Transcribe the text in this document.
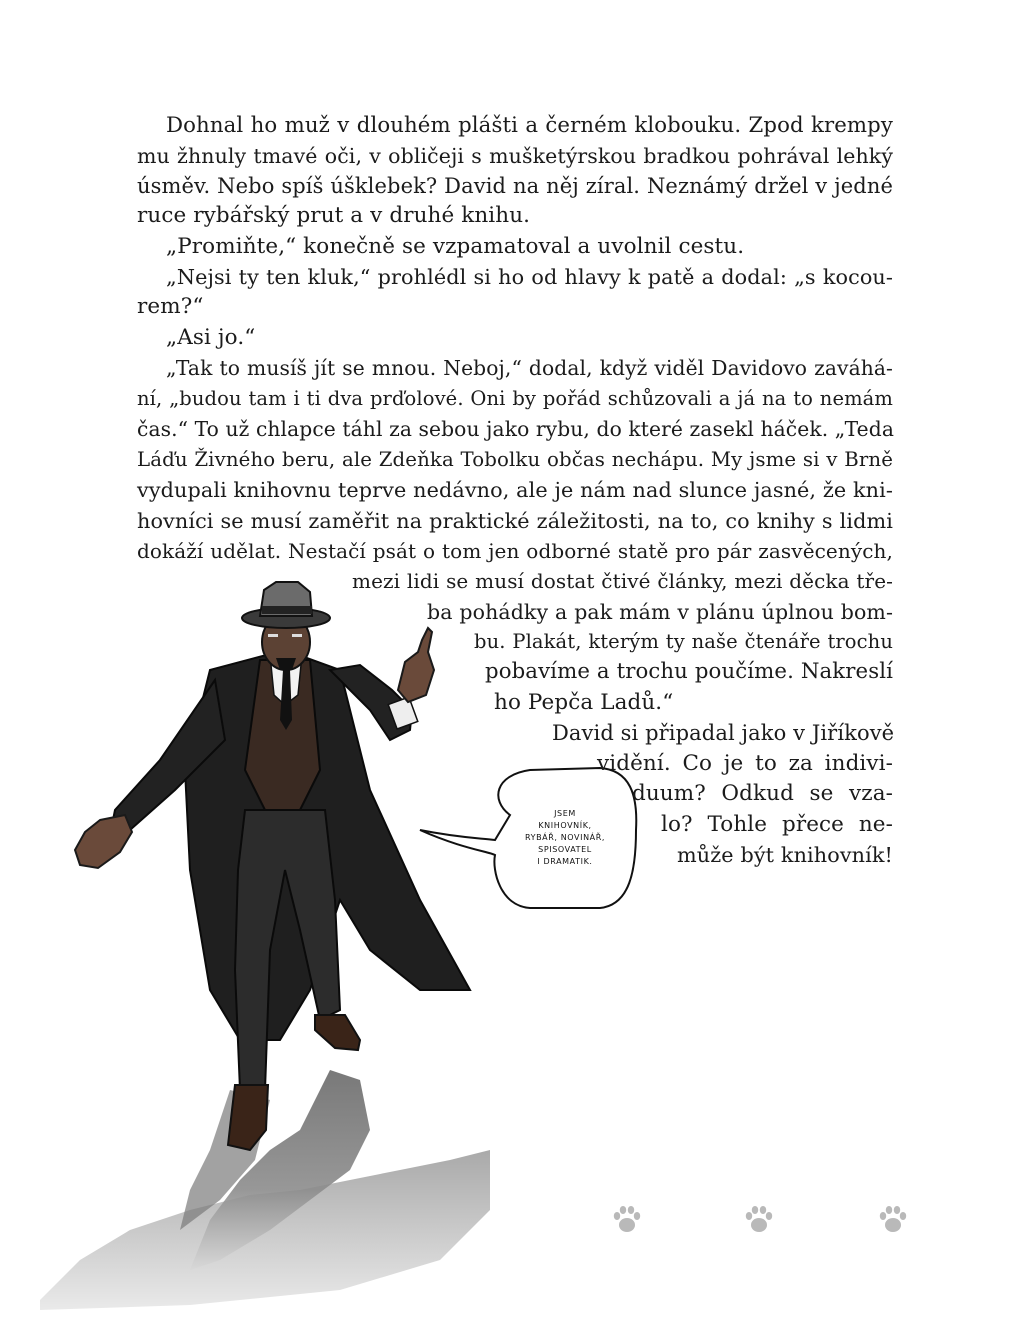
JSEM
KNIHOVNÍK,
RYBÁŘ, NOVINÁŘ,
SPISOVATEL
I DRAMATIK.
Dohnal ho muž v dlouhém plášti a černém klobouku. Zpod krempy
mu žhnuly tmavé oči, v obličeji s mušketýrskou bradkou pohrával lehký
úsměv. Nebo spíš úšklebek? David na něj zíral. Neznámý držel v jedné
ruce rybářský prut a v druhé knihu.
„Promiňte,“ konečně se vzpamatoval a uvolnil cestu.
„Nejsi ty ten kluk,“ prohlédl si ho od hlavy k patě a dodal: „s kocou-
rem?“
„Asi jo.“
„Tak to musíš jít se mnou. Neboj,“ dodal, když viděl Davidovo zaváhá-
ní, „budou tam i ti dva prďolové. Oni by pořád schůzovali a já na to nemám
čas.“ To už chlapce táhl za sebou jako rybu, do které zasekl háček. „Teda
Láďu Živného beru, ale Zdeňka Tobolku občas nechápu. My jsme si v Brně
vydupali knihovnu teprve nedávno, ale je nám nad slunce jasné, že kni-
hovníci se musí zaměřit na praktické záležitosti, na to, co knihy s lidmi
dokáží udělat. Nestačí psát o tom jen odborné statě pro pár zasvěcených,
mezi lidi se musí dostat čtivé články, mezi děcka tře-
ba pohádky a pak mám v plánu úplnou bom-
bu. Plakát, kterým ty naše čtenáře trochu
pobavíme a trochu poučíme. Nakreslí
ho Pepča Ladů.“
David si připadal jako v Jiříkově
vidění. Co je to za indivi-
duum? Odkud se vza-
lo? Tohle přece ne-
může být knihovník!
